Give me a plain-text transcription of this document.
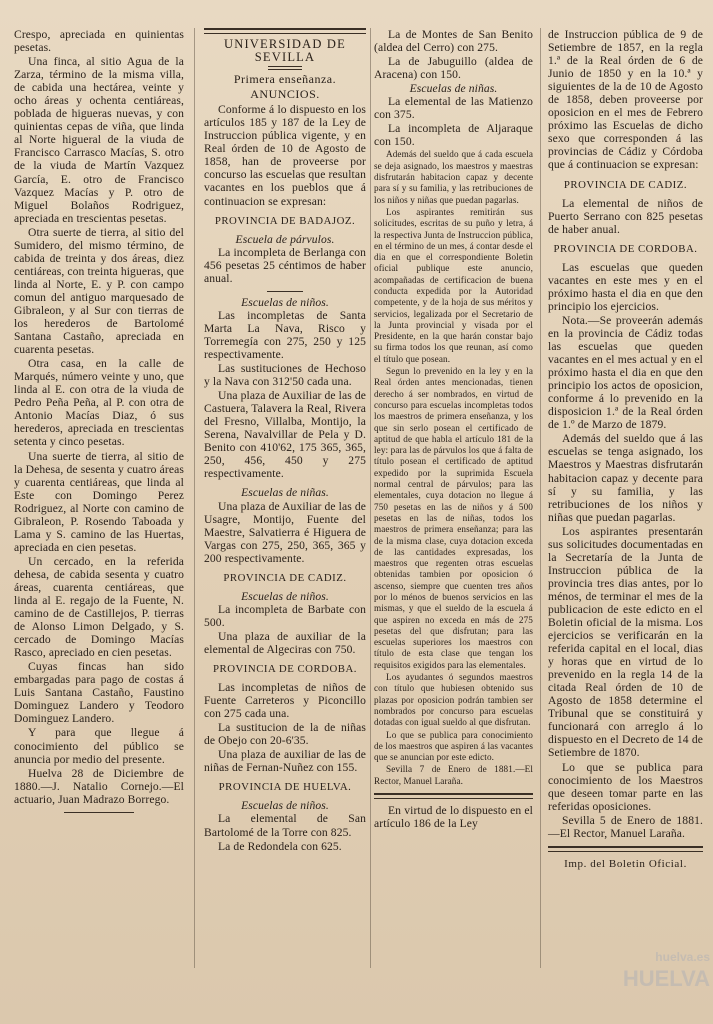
Crespo, apreciada en quinientas pesetas.

Una finca, al sitio Agua de la Zarza, término de la misma villa, de cabida una hectárea, veinte y ocho áreas y ochenta centiáreas, poblada de higueras nuevas, y con quinientas cepas de viña, que linda al Norte higueral de la viuda de Francisco Carrasco Macías, S. otro de la viuda de Martín Vazquez García, E. otro de Francisco Vazquez Macías y P. otro de Miguel Bolaños Rodriguez, apreciada en trescientas pesetas.

Otra suerte de tierra, al sitio del Sumidero, del mismo término, de cabida de treinta y dos áreas, diez centiáreas, con treinta higueras, que linda al Norte, E. y P. con campo comun del antiguo marquesado de Gibraleon, y al Sur con tierras de los herederos de Bartolomé Santana Castaño, apreciada en cuarenta pesetas.

Otra casa, en la calle de Marqués, número veinte y uno, que linda al E. con otra de la viuda de Pedro Peña Peña, al P. con otra de Antonio Macías Diaz, ó sus herederos, apreciada en trescientas setenta y cinco pesetas.

Una suerte de tierra, al sitio de la Dehesa, de sesenta y cuatro áreas y cuarenta centiáreas, que linda al Este con Domingo Perez Rodriguez, al Norte con camino de Gibraleon, P. Rosendo Taboada y Lama y S. camino de las Huertas, apreciada en cien pesetas.

Un cercado, en la referida dehesa, de cabida sesenta y cuatro áreas, cuarenta centiáreas, que linda al E. regajo de la Fuente, N. camino de de Castillejos, P. tierras de Alonso Limon Delgado, y S. cercado de Domingo Macías Rasco, apreciado en cien pesetas.

Cuyas fincas han sido embargadas para pago de costas á Luis Santana Castaño, Faustino Dominguez Landero y Teodoro Dominguez Landero.

Y para que llegue á conocimiento del público se anuncia por medio del presente.

Huelva 28 de Diciembre de 1880.—J. Natalio Cornejo.—El actuario, Juan Madrazo Borrego.

UNIVERSIDAD DE SEVILLA
Primera enseñanza.
ANUNCIOS.

Conforme á lo dispuesto en los artículos 185 y 187 de la Ley de Instruccion pública vigente, y en Real órden de 10 de Agosto de 1858, han de proveerse por concurso las escuelas que resultan vacantes en los pueblos que á continuacion se expresan:

PROVINCIA DE BADAJOZ.
Escuela de párvulos.

La incompleta de Berlanga con 456 pesetas 25 céntimos de haber anual.

Escuelas de niños.

Las incompletas de Santa Marta La Nava, Risco y Torremegía con 275, 250 y 125 respectivamente.

Las sustituciones de Hechoso y la Nava con 312'50 cada una.

Una plaza de Auxiliar de las de Castuera, Talavera la Real, Rivera del Fresno, Villalba, Montijo, la Serena, Navalvillar de Pela y D. Benito con 410'62, 175 365, 365, 250, 456, 450 y 275 respectivamente.

Escuelas de niñas.

Una plaza de Auxiliar de las de Usagre, Montijo, Fuente del Maestre, Salvatierra é Higuera de Vargas con 275, 250, 365, 365 y 200 respectivamente.

PROVINCIA DE CADIZ.
Escuelas de niños.

La incompleta de Barbate con 500.

Una plaza de auxiliar de la elemental de Algeciras con 750.

PROVINCIA DE CORDOBA.

Las incompletas de niños de Fuente Carreteros y Piconcillo con 275 cada una.

La sustitucion de la de niñas de Obejo con 20-6'35.

Una plaza de auxiliar de las de niñas de Fernan-Nuñez con 155.

PROVINCIA DE HUELVA.
Escuelas de niños.

La elemental de San Bartolomé de la Torre con 825.

La de Redondela con 625.

La de Montes de San Benito (aldea del Cerro) con 275.

La de Jabuguillo (aldea de Aracena) con 150.

Escuelas de niñas.

La elemental de las Matienzo con 375.

La incompleta de Aljaraque con 150.

Además del sueldo que á cada escuela se deja asignado, los maestros y maestras disfrutarán habitacion capaz y decente para sí y su familia, y las retribuciones de los niños y niñas que puedan pagarlas.

Los aspirantes remitirán sus solicitudes, escritas de su puño y letra, á la respectiva Junta de Instruccion pública, en el término de un mes, á contar desde el dia en que el correspondiente Boletin oficial publique este anuncio, acompañadas de certificacion de buena conducta expedida por la Autoridad competente, y de la hoja de sus méritos y servicios, legalizada por el Secretario de la Junta provincial y visada por el Presidente, en la que harán constar bajo su firma todos los que reunan, así como el título que posean.

Segun lo prevenido en la ley y en la Real órden antes mencionadas, tienen derecho á ser nombrados, en virtud de concurso para escuelas incompletas todos los maestros de primera enseñanza, y los que sin serlo posean el certificado de aptitud de que habla el artículo 181 de la ley: para las de párvulos los que á falta de título posean el certificado de aptitud expedido por la suprimida Escuela normal central de párvulos; para las elementales, cuya dotacion no llegue á 750 pesetas en las de niños y á 500 pesetas en las de niñas, todos los maestros de primera enseñanza; para las de la misma clase, cuya dotacion exceda de las cantidades expresadas, los maestros que regenten otras escuelas obtenidas tambien por oposicion ó ascenso, siempre que cuenten tres años por lo ménos de buenos servicios en las mismas, y que el sueldo de la escuela á que aspiren no exceda en más de 275 pesetas del que disfrutan; para las escuelas superiores los maestros con título de esta clase que tengan los requisitos exigidos para las elementales.

Los ayudantes ó segundos maestros con título que hubiesen obtenido sus plazas por oposicion podrán tambien ser nombrados por concurso para escuelas dotadas con igual sueldo al que disfrutan.

Lo que se publica para conocimiento de los maestros que aspiren á las vacantes que se anuncian por este edicto.

Sevilla 7 de Enero de 1881.—El Rector, Manuel Laraña.

En virtud de lo dispuesto en el artículo 186 de la Ley

de Instruccion pública de 9 de Setiembre de 1857, en la regla 1.ª de la Real órden de 6 de Junio de 1850 y en la 10.ª y siguientes de la de 10 de Agosto de 1858, deben proveerse por oposicion en el mes de Febrero próximo las Escuelas de dicho sexo que corresponden á las provincias de Cádiz y Córdoba que á continuacion se expresan:

PROVINCIA DE CADIZ.

La elemental de niños de Puerto Serrano con 825 pesetas de haber anual.

PROVINCIA DE CORDOBA.

Las escuelas que queden vacantes en este mes y en el próximo hasta el dia en que den principio los ejercicios.

Nota.—Se proveerán además en la provincia de Cádiz todas las escuelas que queden vacantes en el mes actual y en el próximo hasta el dia en que den principio los actos de oposicion, conforme á lo prevenido en la disposicion 1.ª de la Real órden de 1.º de Marzo de 1879.

Además del sueldo que á las escuelas se tenga asignado, los Maestros y Maestras disfrutarán habitacion capaz y decente para sí y su familia, y las retribuciones de los niños y niñas que puedan pagarlas.

Los aspirantes presentarán sus solicitudes documentadas en la Secretaría de la Junta de Instruccion pública de la provincia tres dias antes, por lo ménos, de terminar el mes de la publicacion de este edicto en el Boletin oficial de la misma. Los ejercicios se verificarán en la referida capital en el local, dias y horas que en virtud de lo prevenido en la regla 14 de la citada Real órden de 10 de Agosto de 1858 determine el Tribunal que se constituirá y funcionará con arreglo á lo dispuesto en el Decreto de 14 de Setiembre de 1870.

Lo que se publica para conocimiento de los Maestros que deseen tomar parte en las referidas oposiciones.

Sevilla 5 de Enero de 1881.—El Rector, Manuel Laraña.

Imp. del Boletin Oficial.
huelva.es
HUELVA
